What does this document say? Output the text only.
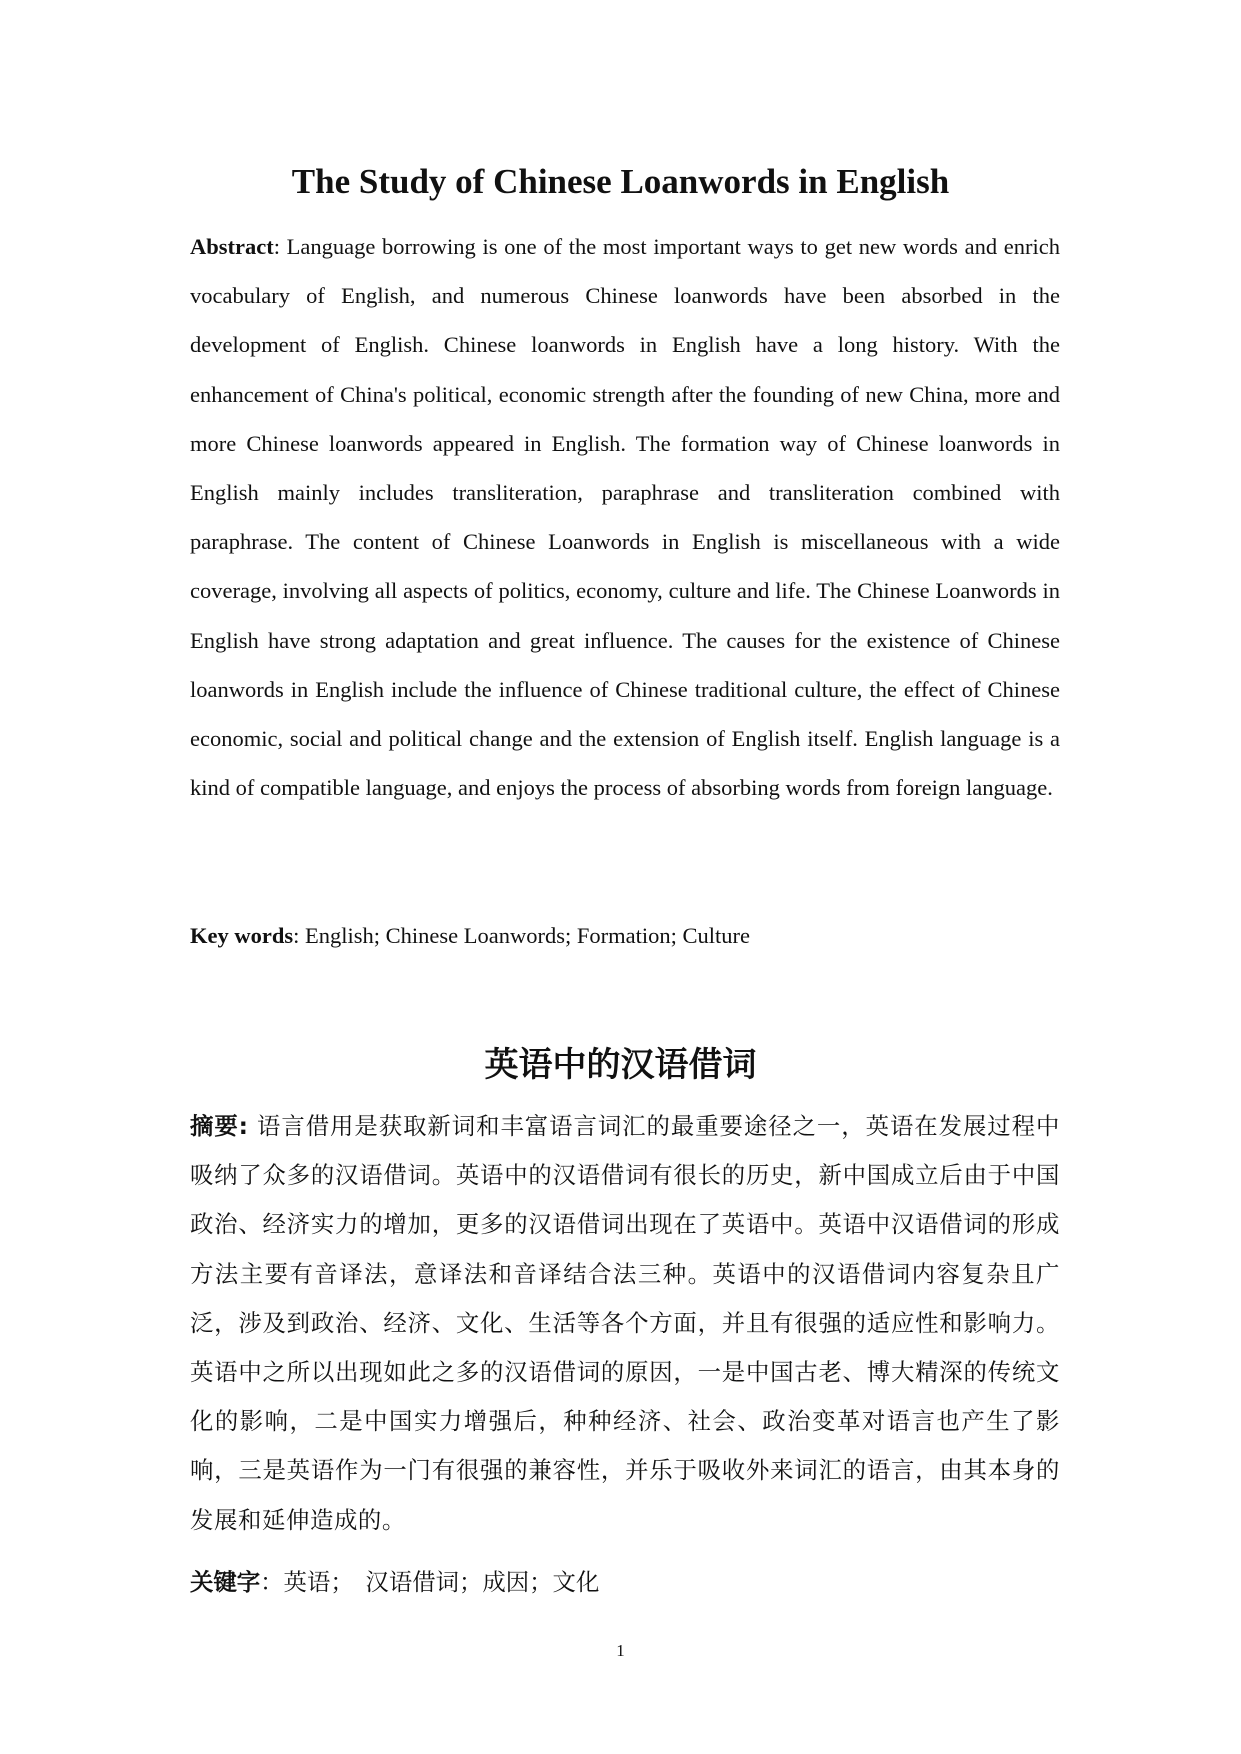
The Study of Chinese Loanwords in English

Abstract: Language borrowing is one of the most important ways to get new words and enrich vocabulary of English, and numerous Chinese loanwords have been absorbed in the development of English. Chinese loanwords in English have a long history. With the enhancement of China's political, economic strength after the founding of new China, more and more Chinese loanwords appeared in English. The formation way of Chinese loanwords in English mainly includes transliteration, paraphrase and transliteration combined with paraphrase. The content of Chinese Loanwords in English is miscellaneous with a wide coverage, involving all aspects of politics, economy, culture and life. The Chinese Loanwords in English have strong adaptation and great influence. The causes for the existence of Chinese loanwords in English include the influence of Chinese traditional culture, the effect of Chinese economic, social and political change and the extension of English itself. English language is a kind of compatible language, and enjoys the process of absorbing words from foreign language.

Key words: English; Chinese Loanwords; Formation; Culture

英语中的汉语借词

摘要: 语言借用是获取新词和丰富语言词汇的最重要途径之一，英语在发展过程中吸纳了众多的汉语借词。英语中的汉语借词有很长的历史，新中国成立后由于中国政治、经济实力的增加，更多的汉语借词出现在了英语中。英语中汉语借词的形成方法主要有音译法，意译法和音译结合法三种。英语中的汉语借词内容复杂且广泛，涉及到政治、经济、文化、生活等各个方面，并且有很强的适应性和影响力。英语中之所以出现如此之多的汉语借词的原因，一是中国古老、博大精深的传统文化的影响，二是中国实力增强后，种种经济、社会、政治变革对语言也产生了影响，三是英语作为一门有很强的兼容性，并乐于吸收外来词汇的语言，由其本身的发展和延伸造成的。

关键字：英语；　汉语借词；成因；文化

1
